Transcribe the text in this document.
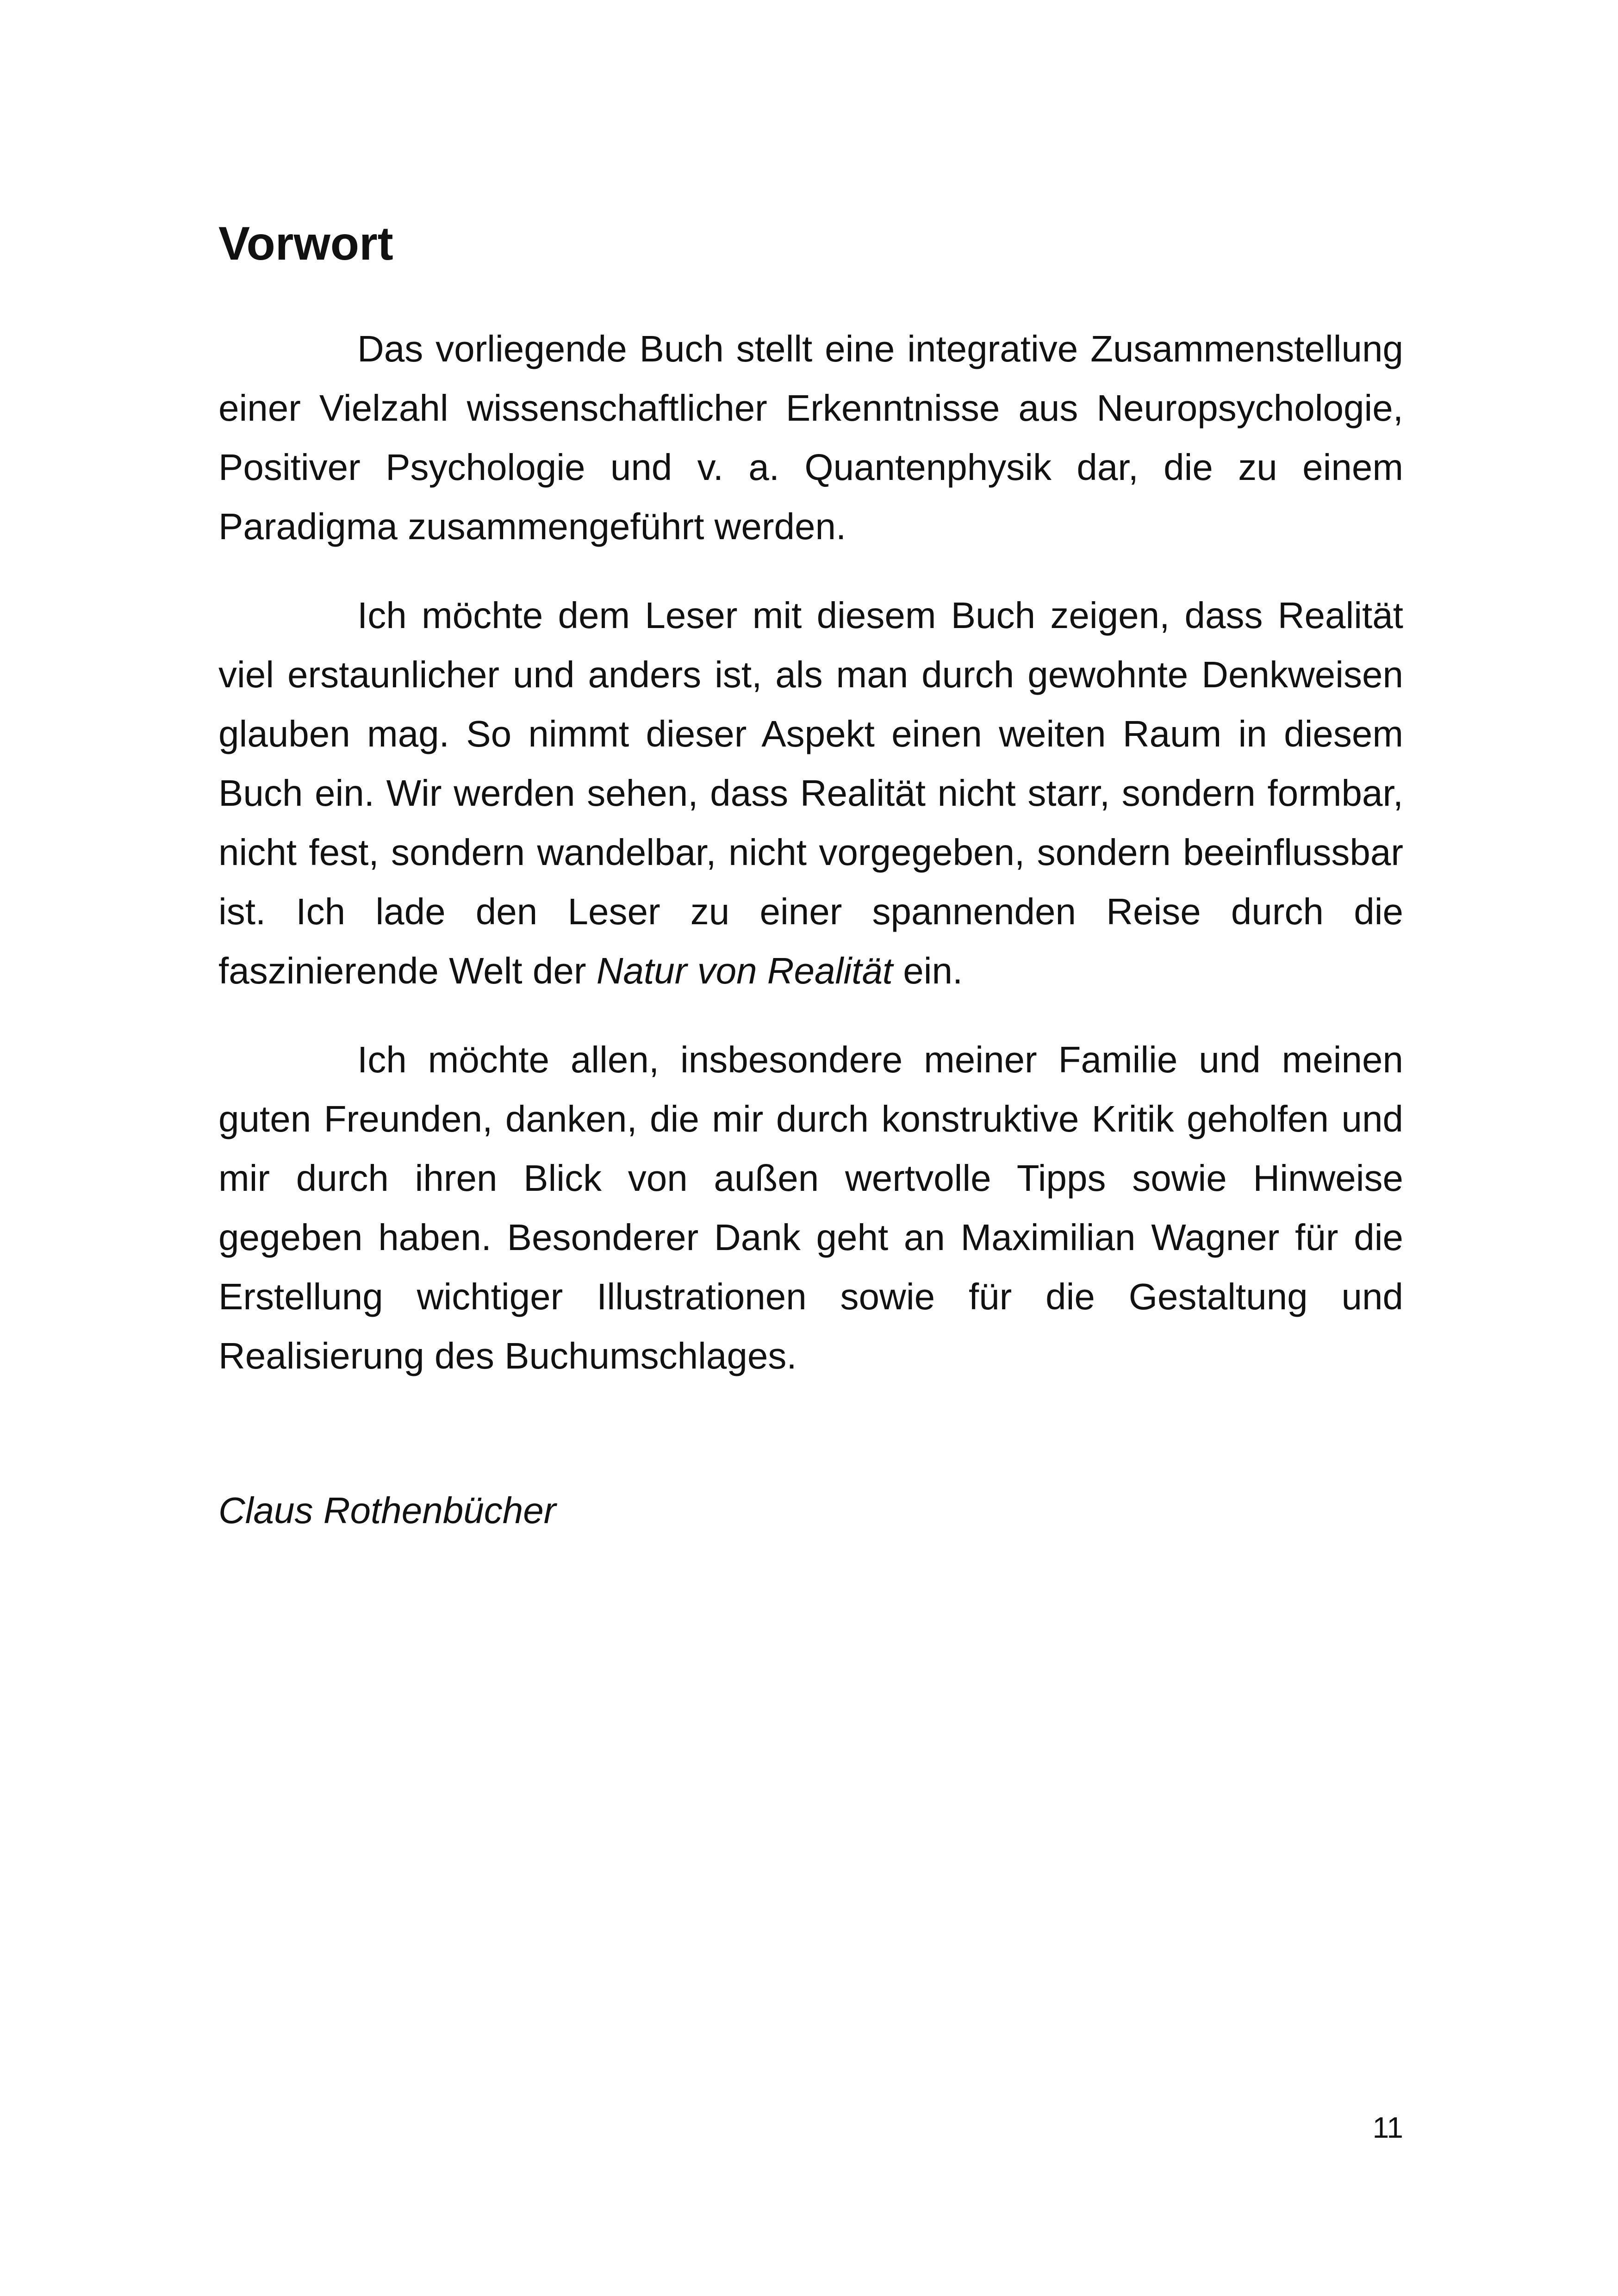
Vorwort

Das vorliegende Buch stellt eine integrative Zusammenstellung einer Vielzahl wissenschaftlicher Erkenntnisse aus Neuropsychologie, Positiver Psychologie und v. a. Quantenphysik dar, die zu einem Paradigma zusammengeführt werden.

Ich möchte dem Leser mit diesem Buch zeigen, dass Realität viel erstaunlicher und anders ist, als man durch gewohnte Denkweisen glauben mag. So nimmt dieser Aspekt einen weiten Raum in diesem Buch ein. Wir werden sehen, dass Realität nicht starr, sondern formbar, nicht fest, sondern wandelbar, nicht vorgegeben, sondern beeinflussbar ist. Ich lade den Leser zu einer spannenden Reise durch die faszinierende Welt der Natur von Realität ein.

Ich möchte allen, insbesondere meiner Familie und meinen guten Freunden, danken, die mir durch konstruktive Kritik geholfen und mir durch ihren Blick von außen wertvolle Tipps sowie Hinweise gegeben haben. Besonderer Dank geht an Maximilian Wagner für die Erstellung wichtiger Illustrationen sowie für die Gestaltung und Realisierung des Buchumschlages.

Claus Rothenbücher

11
